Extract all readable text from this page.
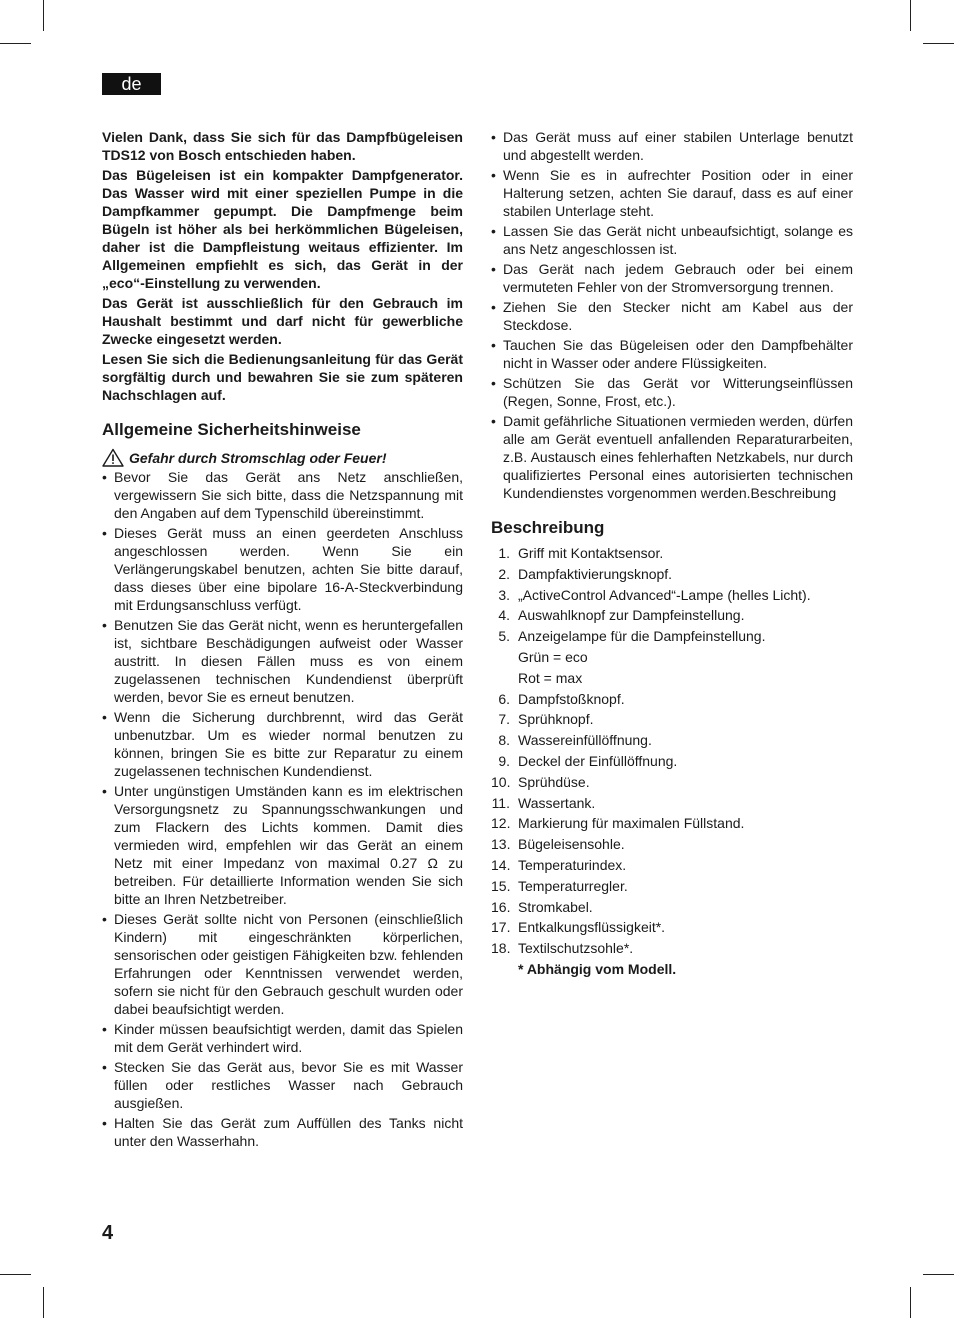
de

Vielen Dank, dass Sie sich für das Dampfbügeleisen TDS12 von Bosch entschieden haben.

Das Bügeleisen ist ein kompakter Dampfgenerator. Das Wasser wird mit einer speziellen Pumpe in die Dampfkammer gepumpt. Die Dampfmenge beim Bügeln ist höher als bei herkömmlichen Bügeleisen, daher ist die Dampfleistung weitaus effizienter. Im Allgemeinen empfiehlt es sich, das Gerät in der „eco“-Einstellung zu verwenden.

Das Gerät ist ausschließlich für den Gebrauch im Haushalt bestimmt und darf nicht für gewerbliche Zwecke eingesetzt werden.

Lesen Sie sich die Bedienungsanleitung für das Gerät sorgfältig durch und bewahren Sie sie zum späteren Nachschlagen auf.

Allgemeine Sicherheitshinweise
Gefahr durch Stromschlag oder Feuer!
• Bevor Sie das Gerät ans Netz anschließen, vergewissern Sie sich bitte, dass die Netzspannung mit den Angaben auf dem Typenschild übereinstimmt.
• Dieses Gerät muss an einen geerdeten Anschluss angeschlossen werden. Wenn Sie ein Verlängerungskabel benutzen, achten Sie bitte darauf, dass dieses über eine bipolare 16-A-Steckverbindung mit Erdungsanschluss verfügt.
• Benutzen Sie das Gerät nicht, wenn es heruntergefallen ist, sichtbare Beschädigungen aufweist oder Wasser austritt. In diesen Fällen muss es von einem zugelassenen technischen Kundendienst überprüft werden, bevor Sie es erneut benutzen.
• Wenn die Sicherung durchbrennt, wird das Gerät unbenutzbar. Um es wieder normal benutzen zu können, bringen Sie es bitte zur Reparatur zu einem zugelassenen technischen Kundendienst.
• Unter ungünstigen Umständen kann es im elektrischen Versorgungsnetz zu Spannungsschwankungen und zum Flackern des Lichts kommen. Damit dies vermieden wird, empfehlen wir das Gerät an einem Netz mit einer Impedanz von maximal 0.27 Ω zu betreiben. Für detaillierte Information wenden Sie sich bitte an Ihren Netzbetreiber.
• Dieses Gerät sollte nicht von Personen (einschließlich Kindern) mit eingeschränkten körperlichen, sensorischen oder geistigen Fähigkeiten bzw. fehlenden Erfahrungen oder Kenntnissen verwendet werden, sofern sie nicht für den Gebrauch geschult wurden oder dabei beaufsichtigt werden.
• Kinder müssen beaufsichtigt werden, damit das Spielen mit dem Gerät verhindert wird.
• Stecken Sie das Gerät aus, bevor Sie es mit Wasser füllen oder restliches Wasser nach Gebrauch ausgießen.
• Halten Sie das Gerät zum Auffüllen des Tanks nicht unter den Wasserhahn.
• Das Gerät muss auf einer stabilen Unterlage benutzt und abgestellt werden.
• Wenn Sie es in aufrechter Position oder in einer Halterung setzen, achten Sie darauf, dass es auf einer stabilen Unterlage steht.
• Lassen Sie das Gerät nicht unbeaufsichtigt, solange es ans Netz angeschlossen ist.
• Das Gerät nach jedem Gebrauch oder bei einem vermuteten Fehler von der Stromversorgung trennen.
• Ziehen Sie den Stecker nicht am Kabel aus der Steckdose.
• Tauchen Sie das Bügeleisen oder den Dampfbehälter nicht in Wasser oder andere Flüssigkeiten.
• Schützen Sie das Gerät vor Witterungseinflüssen (Regen, Sonne, Frost, etc.).
• Damit gefährliche Situationen vermieden werden, dürfen alle am Gerät eventuell anfallenden Reparaturarbeiten, z.B. Austausch eines fehlerhaften Netzkabels, nur durch qualifiziertes Personal eines autorisierten technischen Kundendienstes vorgenommen werden.Beschreibung
Beschreibung
1. Griff mit Kontaktsensor.
2. Dampfaktivierungsknopf.
3. „ActiveControl Advanced“-Lampe (helles Licht).
4. Auswahlknopf zur Dampfeinstellung.
5. Anzeigelampe für die Dampfeinstellung.
Grün = eco
Rot = max
6. Dampfstoßknopf.
7. Sprühknopf.
8. Wassereinfüllöffnung.
9. Deckel der Einfüllöffnung.
10. Sprühdüse.
11. Wassertank.
12. Markierung für maximalen Füllstand.
13. Bügeleisensohle.
14. Temperaturindex.
15. Temperaturregler.
16. Stromkabel.
17. Entkalkungsflüssigkeit*.
18. Textilschutzsohle*.
* Abhängig vom Modell.
4
